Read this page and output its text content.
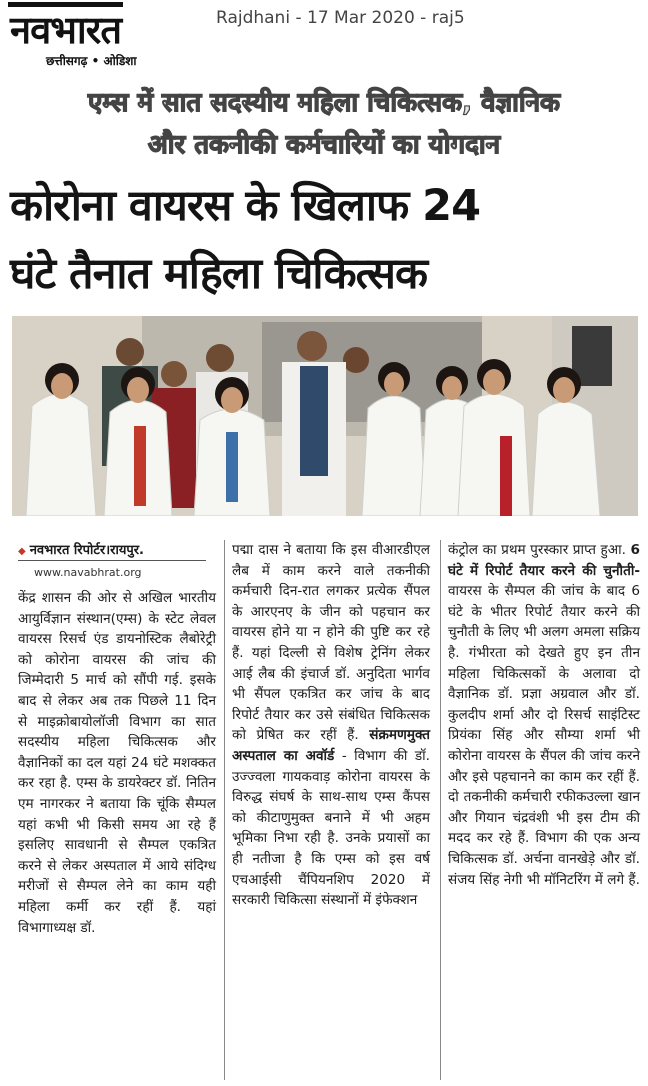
नवभारत
छत्तीसगढ़ • ओडिशा
Rajdhani - 17 Mar 2020 - raj5
एम्स में सात सदस्यीय महिला चिकित्सक, वैज्ञानिक
और तकनीकी कर्मचारियों का योगदान
कोरोना वायरस के खिलाफ 24
घंटे तैनात महिला चिकित्सक
◆ नवभारत रिपोर्टर।रायपुर.
www.navabhrat.org

केंद्र शासन की ओर से अखिल भारतीय आयुर्विज्ञान संस्थान(एम्स) के स्टेट लेवल वायरस रिसर्च एंड डायनोस्टिक लैबोरेट्री को कोरोना वायरस की जांच की जिम्मेदारी 5 मार्च को सौंपी गई. इसके बाद से लेकर अब तक पिछले 11 दिन से माइक्रोबायोलॉजी विभाग का सात सदस्यीय महिला चिकित्सक और वैज्ञानिकों का दल यहां 24 घंटे मशक्कत कर रहा है. एम्स के डायरेक्टर डॉ. नितिन एम नागरकर ने बताया कि चूंकि सैम्पल यहां कभी भी किसी समय आ रहे हैं इसलिए सावधानी से सैम्पल एकत्रित करने से लेकर अस्पताल में आये संदिग्ध मरीजों से सैम्पल लेने का काम यही महिला कर्मी कर रहीं हैं. यहां विभागाध्यक्ष डॉ.

पद्मा दास ने बताया कि इस वीआरडीएल लैब में काम करने वाले तकनीकी कर्मचारी दिन-रात लगकर प्रत्येक सैंपल के आरएनए के जीन को पहचान कर वायरस होने या न होने की पुष्टि कर रहे हैं. यहां दिल्ली से विशेष ट्रेनिंग लेकर आई लैब की इंचार्ज डॉ. अनुदिता भार्गव भी सैंपल एकत्रित कर जांच के बाद रिपोर्ट तैयार कर उसे संबंधित चिकित्सक को प्रेषित कर रहीं हैं. संक्रमणमुक्त अस्पताल का अवॉर्ड - विभाग की डॉ. उज्ज्वला गायकवाड़ कोरोना वायरस के विरुद्ध संघर्ष के साथ-साथ एम्स कैंपस को कीटाणुमुक्त बनाने में भी अहम भूमिका निभा रही है. उनके प्रयासों का ही नतीजा है कि एम्स को इस वर्ष एचआईसी चैंपियनशिप 2020 में सरकारी चिकित्सा संस्थानों में इंफेक्शन

कंट्रोल का प्रथम पुरस्कार प्राप्त हुआ. 6 घंटे में रिपोर्ट तैयार करने की चुनौती- वायरस के सैम्पल की जांच के बाद 6 घंटे के भीतर रिपोर्ट तैयार करने की चुनौती के लिए भी अलग अमला सक्रिय है. गंभीरता को देखते हुए इन तीन महिला चिकित्सकों के अलावा दो वैज्ञानिक डॉ. प्रज्ञा अग्रवाल और डॉ. कुलदीप शर्मा और दो रिसर्च साइंटिस्ट प्रियंका सिंह और सौम्या शर्मा भी कोरोना वायरस के सैंपल की जांच करने और इसे पहचानने का काम कर रहीं हैं. दो तकनीकी कर्मचारी रफीकउल्ला खान और गियान चंद्रवंशी भी इस टीम की मदद कर रहे हैं. विभाग की एक अन्य चिकित्सक डॉ. अर्चना वानखेड़े और डॉ. संजय सिंह नेगी भी मॉनिटरिंग में लगे हैं.
